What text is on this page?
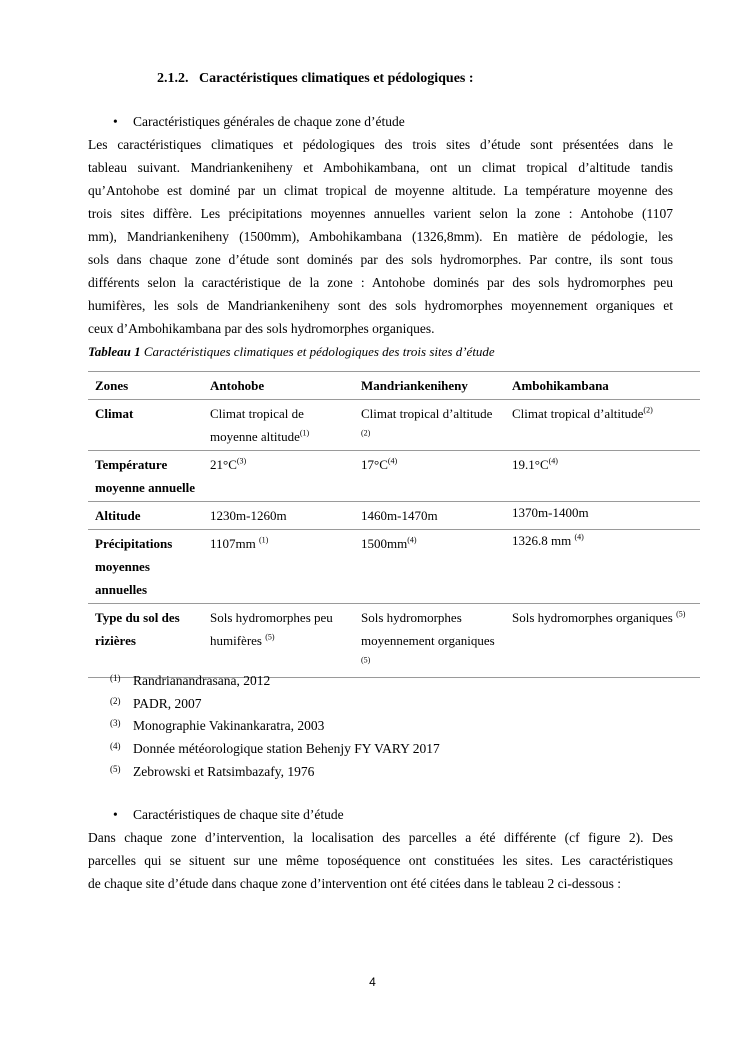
2.1.2. Caractéristiques climatiques et pédologiques :
• Caractéristiques générales de chaque zone d’étude
Les caractéristiques climatiques et pédologiques des trois sites d’étude sont présentées dans le
tableau suivant. Mandriankeniheny et Ambohikambana, ont un climat tropical d’altitude tandis
qu’Antohobe est dominé par un climat tropical de moyenne altitude. La température moyenne des
trois sites diffère. Les précipitations moyennes annuelles varient selon la zone : Antohobe (1107
mm), Mandriankeniheny (1500mm), Ambohikambana (1326,8mm). En matière de pédologie, les
sols dans chaque zone d’étude sont dominés par des sols hydromorphes. Par contre, ils sont tous
différents selon la caractéristique de la zone : Antohobe dominés par des sols hydromorphes peu
humifères, les sols de Mandriankeniheny sont des sols hydromorphes moyennement organiques et
ceux d’Ambohikambana par des sols hydromorphes organiques.
Tableau 1 Caractéristiques climatiques et pédologiques des trois sites d’étude
Zones	Antohobe	Mandriankeniheny	Ambohikambana
Climat	Climat tropical de moyenne altitude$^{(1)}$	Climat tropical d’altitude $^{(2)}$	Climat tropical d’altitude$^{(2)}$
Température moyenne annuelle	$21^\circ C^{(3)}$	$17^\circ C^{(4)}$	$19.1^\circ C^{(4)}$
Altitude	1230m-1260m	1460m-1470m	1370m-1400m
Précipitations moyennes annuelles	1107mm $^{(1)}$	$1500mm^{(4)}$	1326.8 mm $^{(4)}$
Type du sol des rizières	Sols hydromorphes peu humifères $^{(5)}$	Sols hydromorphes moyennement organiques $^{(5)}$	Sols hydromorphes organiques $^{(5)}$
(1) Randrianandrasana, 2012
(2) PADR, 2007
(3) Monographie Vakinankaratra, 2003
(4) Donnée météorologique station Behenjy FY VARY 2017
(5) Zebrowski et Ratsimbazafy, 1976
• Caractéristiques de chaque site d’étude
Dans chaque zone d’intervention, la localisation des parcelles a été différente (cf figure 2). Des
parcelles qui se situent sur une même toposéquence ont constituées les sites. Les caractéristiques
de chaque site d’étude dans chaque zone d’intervention ont été citées dans le tableau 2 ci-dessous :
4
